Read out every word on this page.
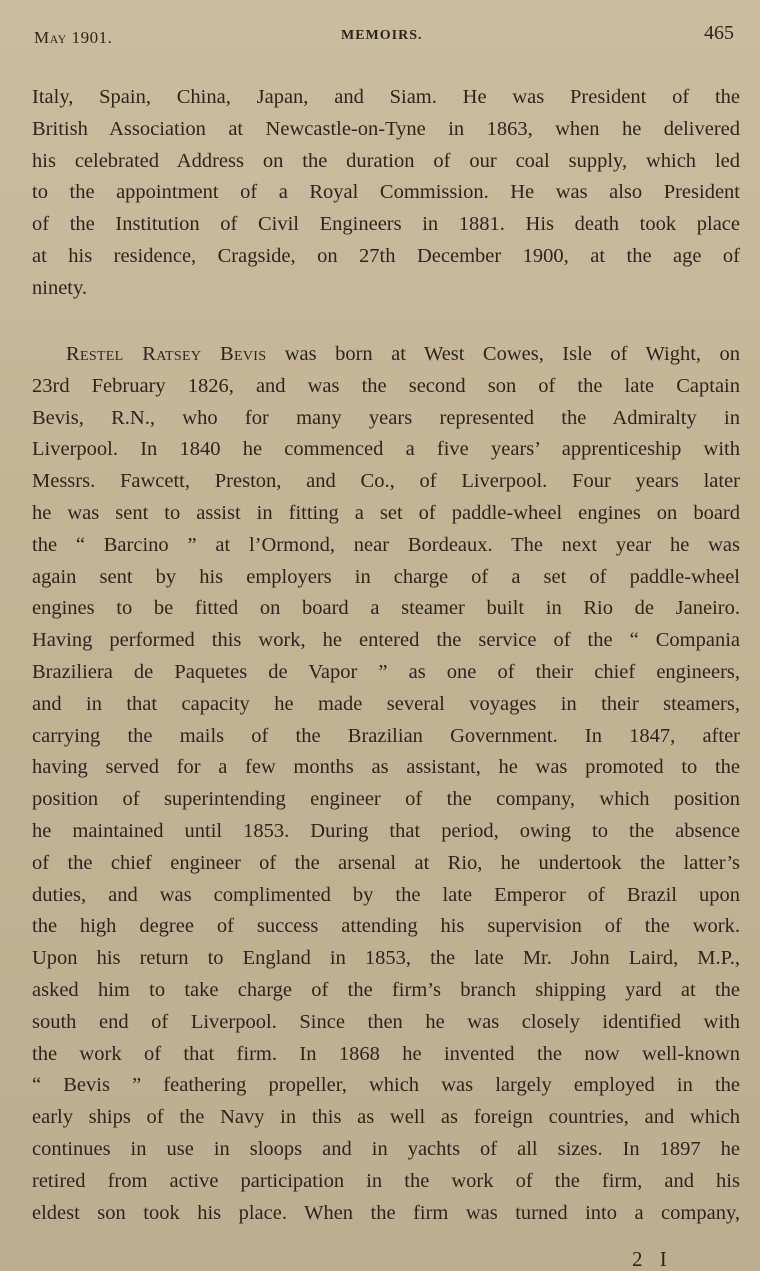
May 1901.	MEMOIRS.	465
Italy, Spain, China, Japan, and Siam. He was President of the
British Association at Newcastle-on-Tyne in 1863, when he delivered
his celebrated Address on the duration of our coal supply, which led
to the appointment of a Royal Commission. He was also President
of the Institution of Civil Engineers in 1881. His death took place
at his residence, Cragside, on 27th December 1900, at the age of
ninety.
Restel Ratsey Bevis was born at West Cowes, Isle of Wight, on
23rd February 1826, and was the second son of the late Captain
Bevis, R.N., who for many years represented the Admiralty in
Liverpool. In 1840 he commenced a five years’ apprenticeship with
Messrs. Fawcett, Preston, and Co., of Liverpool. Four years later
he was sent to assist in fitting a set of paddle-wheel engines on board
the “ Barcino ” at l’Ormond, near Bordeaux. The next year he was
again sent by his employers in charge of a set of paddle-wheel
engines to be fitted on board a steamer built in Rio de Janeiro.
Having performed this work, he entered the service of the “ Compania
Braziliera de Paquetes de Vapor ” as one of their chief engineers,
and in that capacity he made several voyages in their steamers,
carrying the mails of the Brazilian Government. In 1847, after
having served for a few months as assistant, he was promoted to the
position of superintending engineer of the company, which position
he maintained until 1853. During that period, owing to the absence
of the chief engineer of the arsenal at Rio, he undertook the latter’s
duties, and was complimented by the late Emperor of Brazil upon
the high degree of success attending his supervision of the work.
Upon his return to England in 1853, the late Mr. John Laird, M.P.,
asked him to take charge of the firm’s branch shipping yard at the
south end of Liverpool. Since then he was closely identified with
the work of that firm. In 1868 he invented the now well-known
“ Bevis ” feathering propeller, which was largely employed in the
early ships of the Navy in this as well as foreign countries, and which
continues in use in sloops and in yachts of all sizes. In 1897 he
retired from active participation in the work of the firm, and his
eldest son took his place. When the firm was turned into a company,
2 I
